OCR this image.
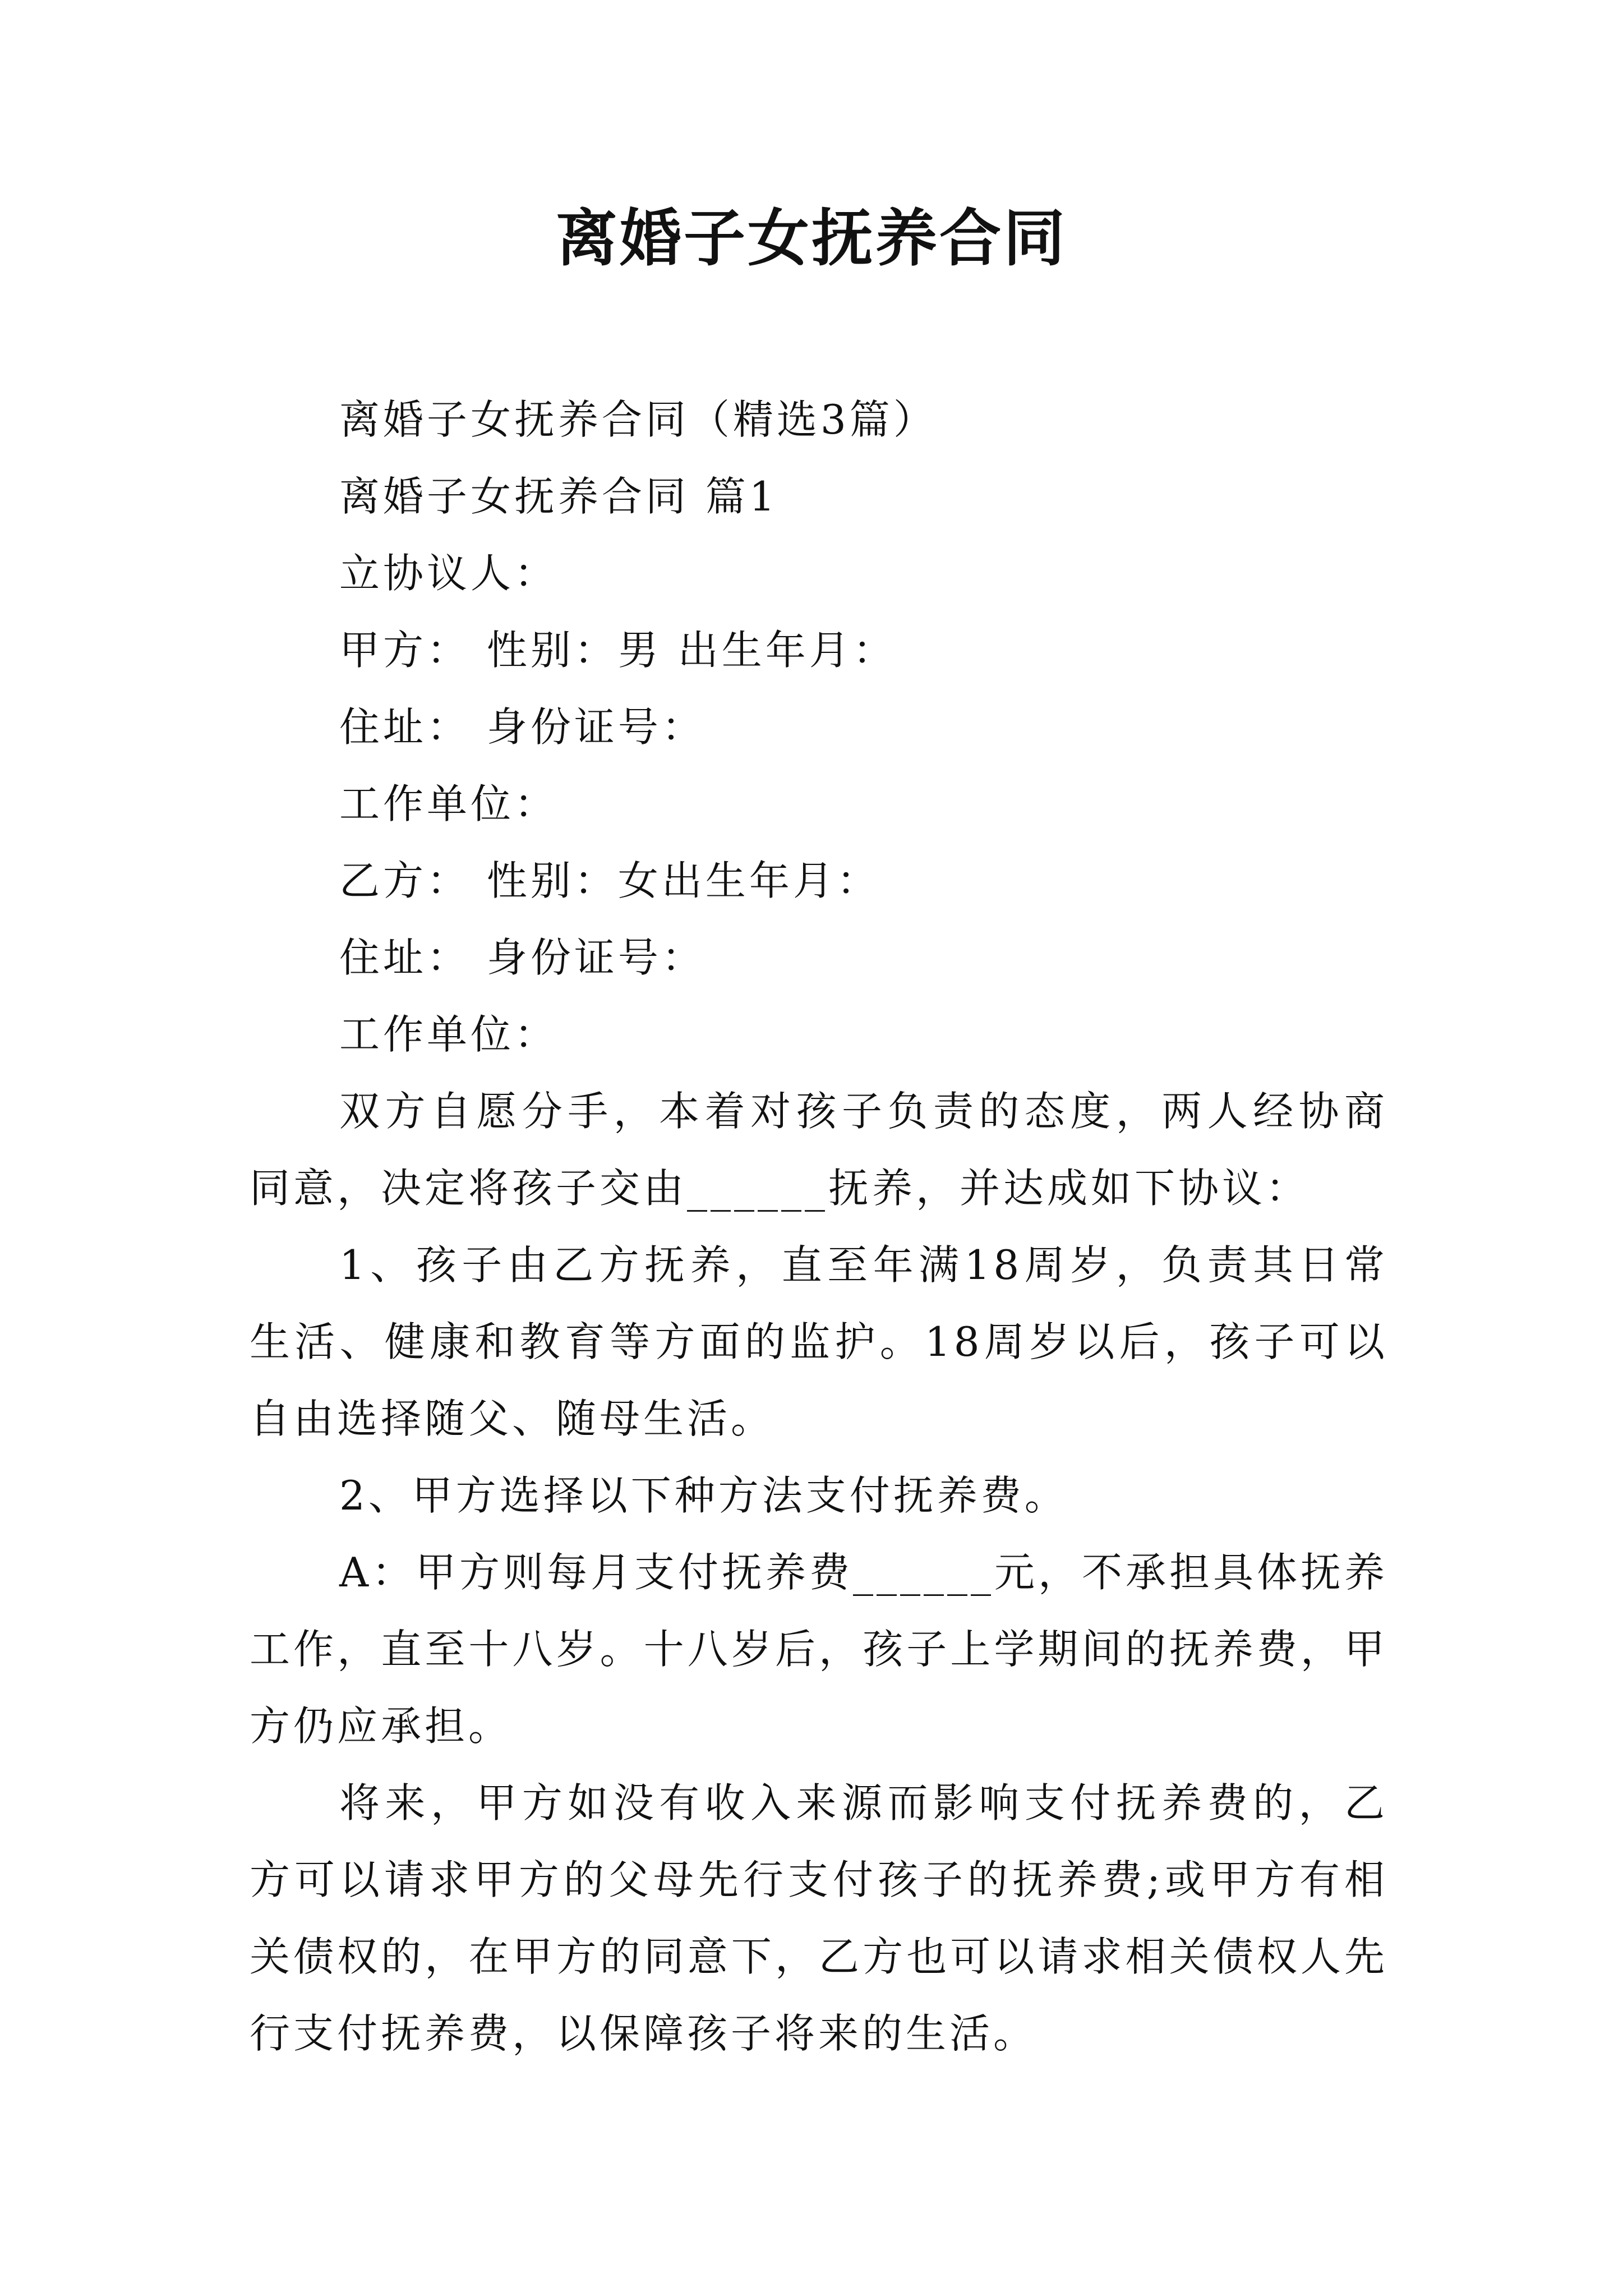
离婚子女抚养合同

离婚子女抚养合同（精选3篇）

离婚子女抚养合同 篇1

立协议人：

甲方： 性别：男 出生年月：

住址： 身份证号：

工作单位：

乙方： 性别：女出生年月：

住址： 身份证号：

工作单位：

双方自愿分手，本着对孩子负责的态度，两人经协商同意，决定将孩子交由______抚养，并达成如下协议：

1、孩子由乙方抚养，直至年满18周岁，负责其日常生活、健康和教育等方面的监护。18周岁以后，孩子可以自由选择随父、随母生活。

2、甲方选择以下种方法支付抚养费。

A：甲方则每月支付抚养费______元，不承担具体抚养工作，直至十八岁。十八岁后，孩子上学期间的抚养费，甲方仍应承担。

将来，甲方如没有收入来源而影响支付抚养费的，乙方可以请求甲方的父母先行支付孩子的抚养费;或甲方有相关债权的，在甲方的同意下，乙方也可以请求相关债权人先行支付抚养费，以保障孩子将来的生活。
